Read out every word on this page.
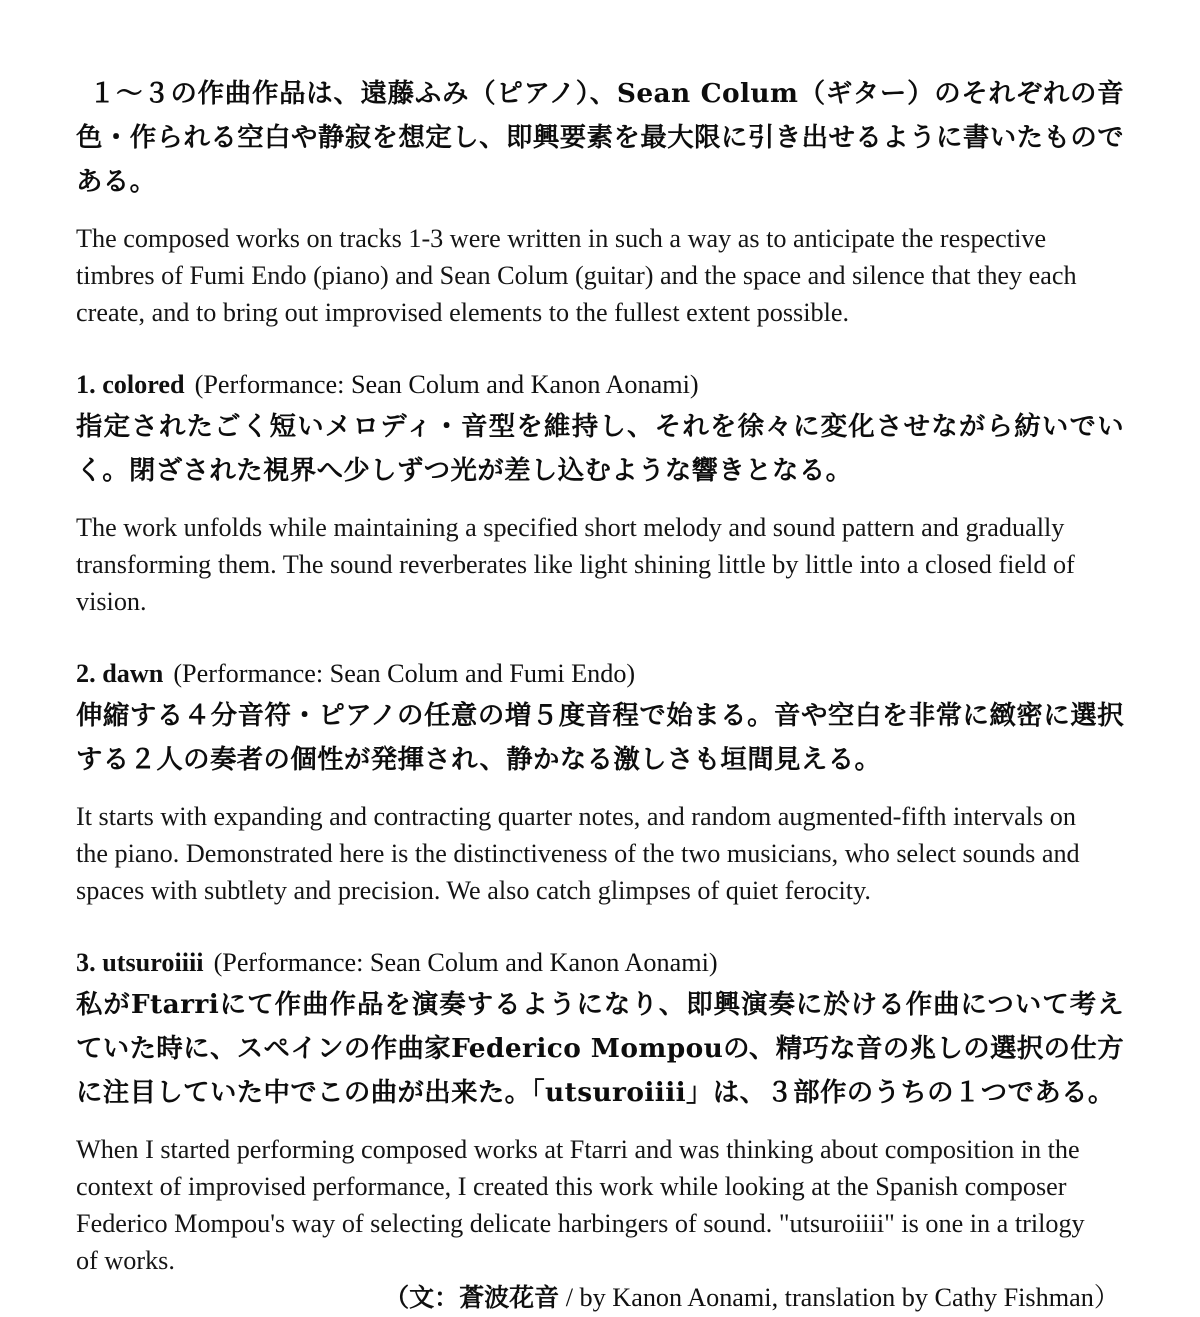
１〜３の作曲作品は、遠藤ふみ（ピアノ）、Sean Colum（ギター）のそれぞれの音色・作られる空白や静寂を想定し、即興要素を最大限に引き出せるように書いたものである。

The composed works on tracks 1-3 were written in such a way as to anticipate the respective timbres of Fumi Endo (piano) and Sean Colum (guitar) and the space and silence that they each create, and to bring out improvised elements to the fullest extent possible.

1. colored (Performance: Sean Colum and Kanon Aonami)

指定されたごく短いメロディ・音型を維持し、それを徐々に変化させながら紡いでいく。閉ざされた視界へ少しずつ光が差し込むような響きとなる。

The work unfolds while maintaining a specified short melody and sound pattern and gradually transforming them. The sound reverberates like light shining little by little into a closed field of vision.

2. dawn (Performance: Sean Colum and Fumi Endo)

伸縮する４分音符・ピアノの任意の増５度音程で始まる。音や空白を非常に緻密に選択する２人の奏者の個性が発揮され、静かなる激しさも垣間見える。

It starts with expanding and contracting quarter notes, and random augmented-fifth intervals on the piano. Demonstrated here is the distinctiveness of the two musicians, who select sounds and spaces with subtlety and precision. We also catch glimpses of quiet ferocity.

3. utsuroiiii (Performance: Sean Colum and Kanon Aonami)

私がFtarriにて作曲作品を演奏するようになり、即興演奏に於ける作曲について考えていた時に、スペインの作曲家Federico Mompouの、精巧な音の兆しの選択の仕方に注目していた中でこの曲が出来た。「utsuroiiii」は、３部作のうちの１つである。

When I started performing composed works at Ftarri and was thinking about composition in the context of improvised performance, I created this work while looking at the Spanish composer Federico Mompou's way of selecting delicate harbingers of sound. "utsuroiiii" is one in a trilogy of works.

（文：蒼波花音 / by Kanon Aonami, translation by Cathy Fishman）
